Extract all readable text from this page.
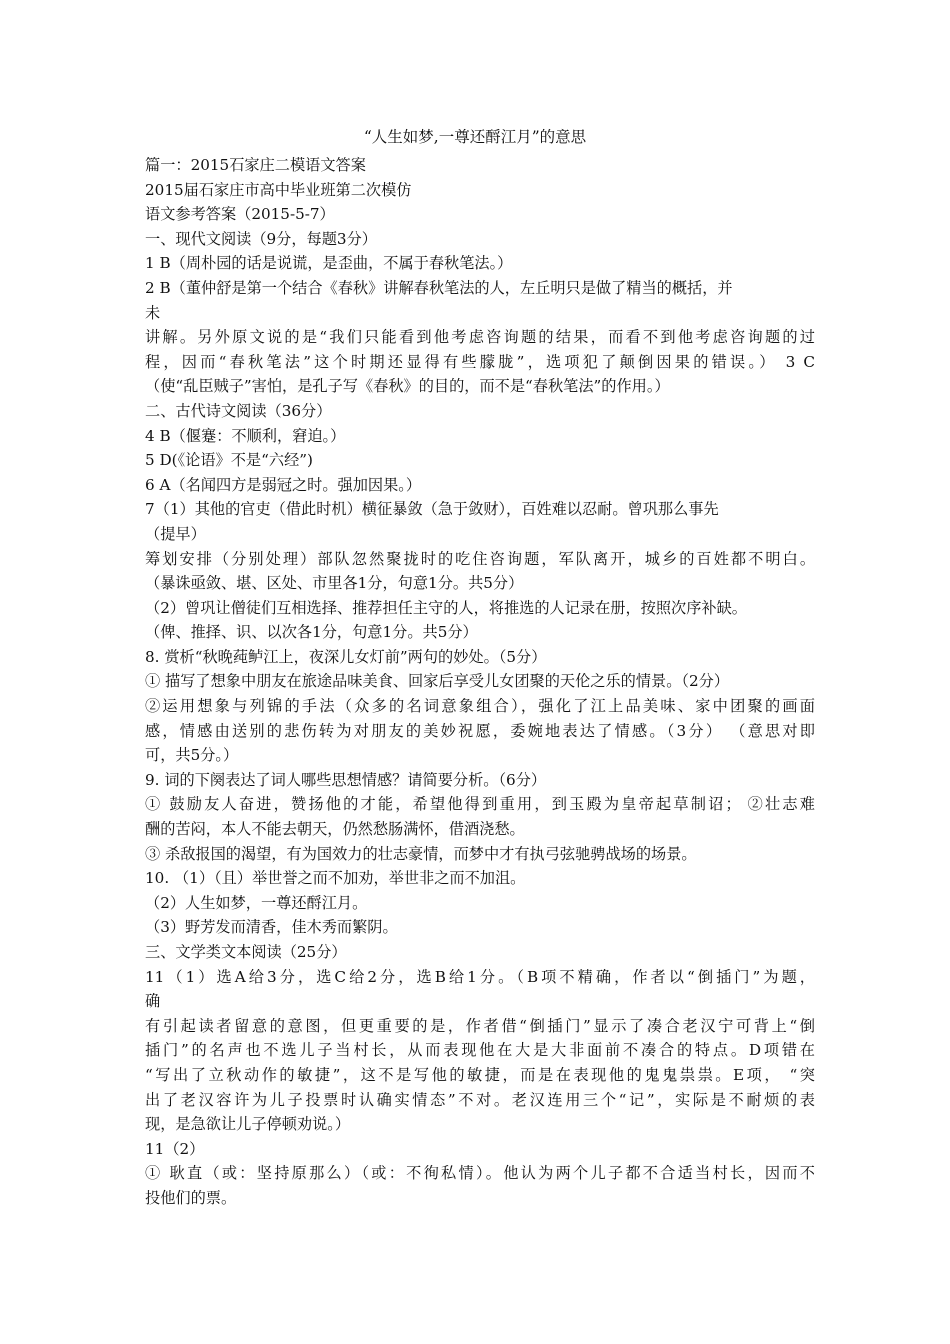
“人生如梦,一尊还酹江月”的意思
篇一：2015石家庄二模语文答案
2015届石家庄市高中毕业班第二次模仿
语文参考答案（2015-5-7）
一、现代文阅读（9分，每题3分）
1 B（周朴园的话是说谎，是歪曲，不属于春秋笔法。）
2 B（董仲舒是第一个结合《春秋》讲解春秋笔法的人，左丘明只是做了精当的概括，并
未
讲解。另外原文说的是“我们只能看到他考虑咨询题的结果，而看不到他考虑咨询题的过
程，因而“春秋笔法”这个时期还显得有些朦胧”，选项犯了颠倒因果的错误。） 3 C
（使“乱臣贼子”害怕，是孔子写《春秋》的目的，而不是“春秋笔法”的作用。）
二、古代诗文阅读（36分）
4 B（偃蹇：不顺利，窘迫。）
5 D(《论语》不是“六经”)
6 A（名闻四方是弱冠之时。强加因果。）
7（1）其他的官吏（借此时机）横征暴敛（急于敛财），百姓难以忍耐。曾巩那么事先
（提早）
筹划安排（分别处理）部队忽然聚拢时的吃住咨询题，军队离开，城乡的百姓都不明白。
（暴诛亟敛、堪、区处、市里各1分，句意1分。共5分）
（2）曾巩让僧徒们互相选择、推荐担任主守的人，将推选的人记录在册，按照次序补缺。
（俾、推择、识、以次各1分，句意1分。共5分）
8. 赏析“秋晚莼鲈江上，夜深儿女灯前”两句的妙处。（5分）
① 描写了想象中朋友在旅途品味美食、回家后享受儿女团聚的天伦之乐的情景。（2分）
②运用想象与列锦的手法（众多的名词意象组合），强化了江上品美味、家中团聚的画面
感，情感由送别的悲伤转为对朋友的美妙祝愿，委婉地表达了情感。（3分） （意思对即
可，共5分。）
9. 词的下阕表达了词人哪些思想情感？请简要分析。（6分）
① 鼓励友人奋进，赞扬他的才能，希望他得到重用，到玉殿为皇帝起草制诏； ②壮志难
酬的苦闷，本人不能去朝天，仍然愁肠满怀，借酒浇愁。
③ 杀敌报国的渴望，有为国效力的壮志豪情，而梦中才有执弓弦驰骋战场的场景。
10. （1）（且）举世誉之而不加劝，举世非之而不加沮。
（2）人生如梦，一尊还酹江月。
（3）野芳发而清香，佳木秀而繁阴。
三、文学类文本阅读（25分）
11（1）选A给3分，选C给2分，选B给1分。（B项不精确，作者以“倒插门”为题，
确
有引起读者留意的意图，但更重要的是，作者借“倒插门”显示了凑合老汉宁可背上“倒
插门”的名声也不选儿子当村长，从而表现他在大是大非面前不凑合的特点。D项错在
“写出了立秋动作的敏捷”，这不是写他的敏捷，而是在表现他的鬼鬼祟祟。E项， “突
出了老汉容许为儿子投票时认确实情态”不对。老汉连用三个“记”，实际是不耐烦的表
现，是急欲让儿子停顿劝说。）
11（2）
① 耿直（或：坚持原那么）（或：不徇私情）。他认为两个儿子都不合适当村长，因而不
投他们的票。
